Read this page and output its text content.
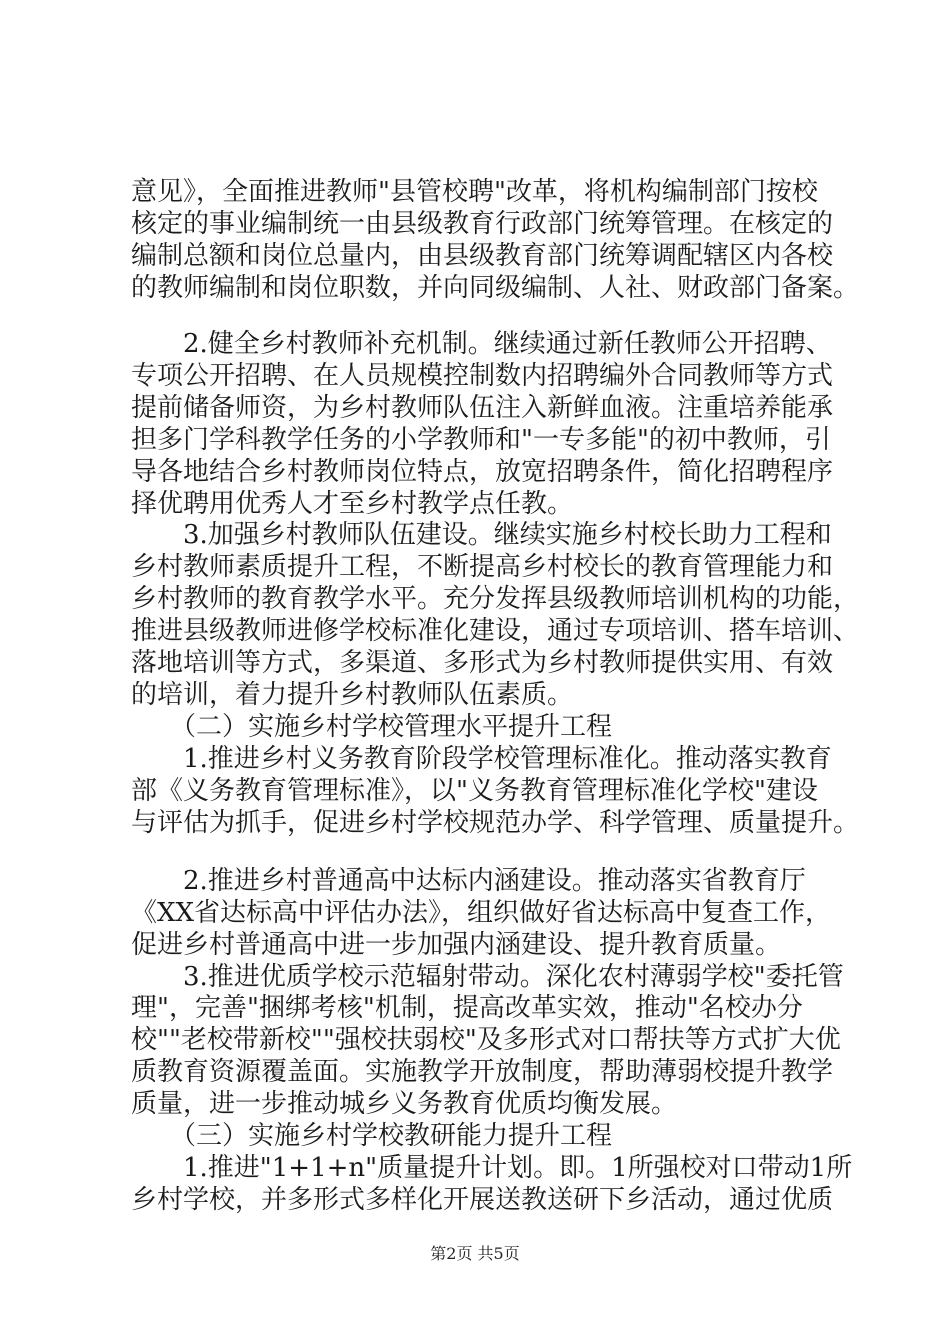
意见》，全面推进教师"县管校聘"改革，将机构编制部门按校
核定的事业编制统一由县级教育行政部门统筹管理。在核定的
编制总额和岗位总量内，由县级教育部门统筹调配辖区内各校
的教师编制和岗位职数，并向同级编制、人社、财政部门备案。
　　2.健全乡村教师补充机制。继续通过新任教师公开招聘、
专项公开招聘、在人员规模控制数内招聘编外合同教师等方式
提前储备师资，为乡村教师队伍注入新鲜血液。注重培养能承
担多门学科教学任务的小学教师和"一专多能"的初中教师，引
导各地结合乡村教师岗位特点，放宽招聘条件，简化招聘程序
择优聘用优秀人才至乡村教学点任教。
　　3.加强乡村教师队伍建设。继续实施乡村校长助力工程和
乡村教师素质提升工程，不断提高乡村校长的教育管理能力和
乡村教师的教育教学水平。充分发挥县级教师培训机构的功能，
推进县级教师进修学校标准化建设，通过专项培训、搭车培训、
落地培训等方式，多渠道、多形式为乡村教师提供实用、有效
的培训，着力提升乡村教师队伍素质。
　　（二）实施乡村学校管理水平提升工程
　　1.推进乡村义务教育阶段学校管理标准化。推动落实教育
部《义务教育管理标准》，以"义务教育管理标准化学校"建设
与评估为抓手，促进乡村学校规范办学、科学管理、质量提升。
　　2.推进乡村普通高中达标内涵建设。推动落实省教育厅
《XX省达标高中评估办法》，组织做好省达标高中复查工作，
促进乡村普通高中进一步加强内涵建设、提升教育质量。
　　3.推进优质学校示范辐射带动。深化农村薄弱学校"委托管
理"，完善"捆绑考核"机制，提高改革实效，推动"名校办分
校""老校带新校""强校扶弱校"及多形式对口帮扶等方式扩大优
质教育资源覆盖面。实施教学开放制度，帮助薄弱校提升教学
质量，进一步推动城乡义务教育优质均衡发展。
　　（三）实施乡村学校教研能力提升工程
　　1.推进"1+1+n"质量提升计划。即。1所强校对口带动1所
乡村学校，并多形式多样化开展送教送研下乡活动，通过优质
第2页 共5页
